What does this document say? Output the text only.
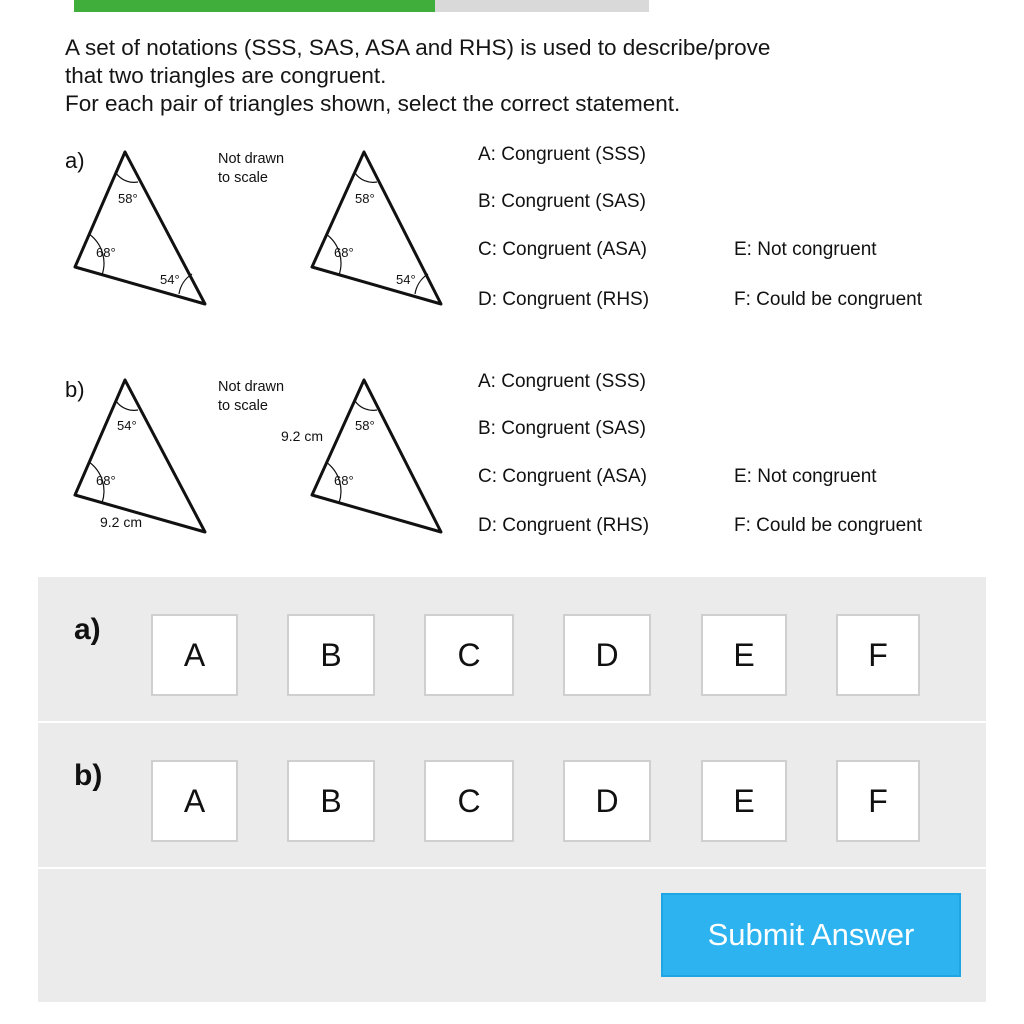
A set of notations (SSS, SAS, ASA and RHS) is used to describe/prove

that two triangles are congruent.

For each pair of triangles shown, select the correct statement.

a)
58°
68°
54°
Not drawn
to scale
58°
68°
54°
A: Congruent (SSS)
B: Congruent (SAS)
C: Congruent (ASA)
D: Congruent (RHS)
E: Not congruent
F: Could be congruent
b)
54°
68°
9.2 cm
Not drawn
to scale
58°
68°
9.2 cm
A: Congruent (SSS)
B: Congruent (SAS)
C: Congruent (ASA)
D: Congruent (RHS)
E: Not congruent
F: Could be congruent
a)
A	B	C	D	E	F
b)
A	B	C	D	E	F
Submit Answer
